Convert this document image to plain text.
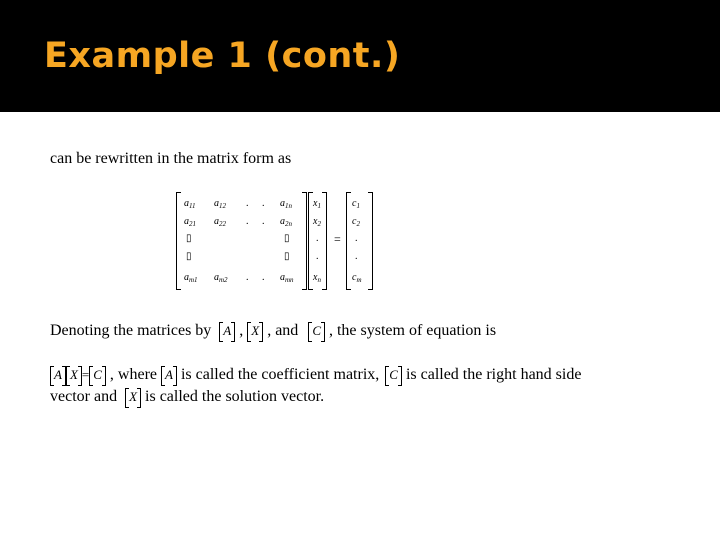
Example 1 (cont.)
can be rewritten in the matrix form as
$a_{11}$ $a_{12}$ . . $a_{1n}$
$a_{21}$ $a_{22}$ . . $a_{2n}$
▯	▯
▯	▯
$a_{m1}$ $a_{m2}$ . . $a_{mn}$
$x_1$
$x_2$
.
.
$x_n$
=
$c_1$
$c_2$
.
.
$c_m$
Denoting the matrices by A , X , and C , the system of equation is
A X = C , where A is called the coefficient matrix, C is called the right hand side
vector and X is called the solution vector.
